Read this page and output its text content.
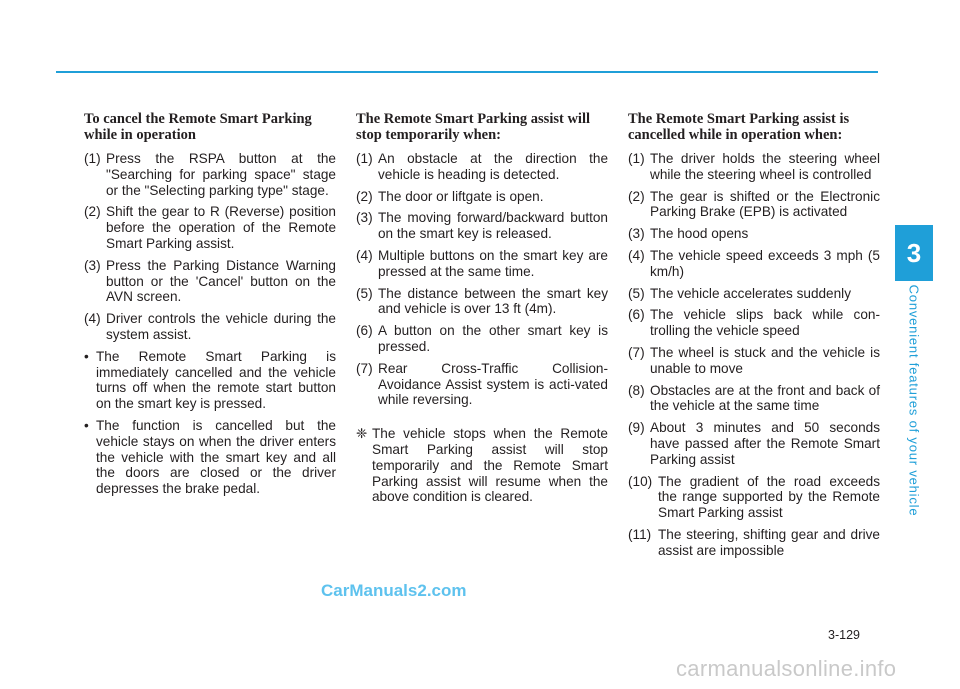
3
Convenient features of your vehicle
To cancel the Remote Smart Parking while in operation
(1) Press the RSPA button at the "Searching for parking space" stage or the "Selecting parking type" stage.
(2) Shift the gear to R (Reverse) position before the operation of the Remote Smart Parking assist.
(3) Press the Parking Distance Warning button or the 'Cancel' button on the AVN screen.
(4) Driver controls the vehicle during the system assist.
• The Remote Smart Parking is immediately cancelled and the vehicle turns off when the remote start button on the smart key is pressed.
• The function is cancelled but the vehicle stays on when the driver enters the vehicle with the smart key and all the doors are closed or the driver depresses the brake pedal.
The Remote Smart Parking assist will stop temporarily when:
(1) An obstacle at the direction the vehicle is heading is detected.
(2) The door or liftgate is open.
(3) The moving forward/backward button on the smart key is released.
(4) Multiple buttons on the smart key are pressed at the same time.
(5) The distance between the smart key and vehicle is over 13 ft (4m).
(6) A button on the other smart key is pressed.
(7) Rear Cross-Traffic Collision-Avoidance Assist system is acti-vated while reversing.
❈ The vehicle stops when the Remote Smart Parking assist will stop temporarily and the Remote Smart Parking assist will resume when the above condition is cleared.
The Remote Smart Parking assist is cancelled while in operation when:
(1) The driver holds the steering wheel while the steering wheel is controlled
(2) The gear is shifted or the Electronic Parking Brake (EPB) is activated
(3) The hood opens
(4) The vehicle speed exceeds 3 mph (5 km/h)
(5) The vehicle accelerates suddenly
(6) The vehicle slips back while con-trolling the vehicle speed
(7) The wheel is stuck and the vehicle is unable to move
(8) Obstacles are at the front and back of the vehicle at the same time
(9) About 3 minutes and 50 seconds have passed after the Remote Smart Parking assist
(10) The gradient of the road exceeds the range supported by the Remote Smart Parking assist
(11) The steering, shifting gear and drive assist are impossible
3-129
CarManuals2.com
carmanualsonline.info
